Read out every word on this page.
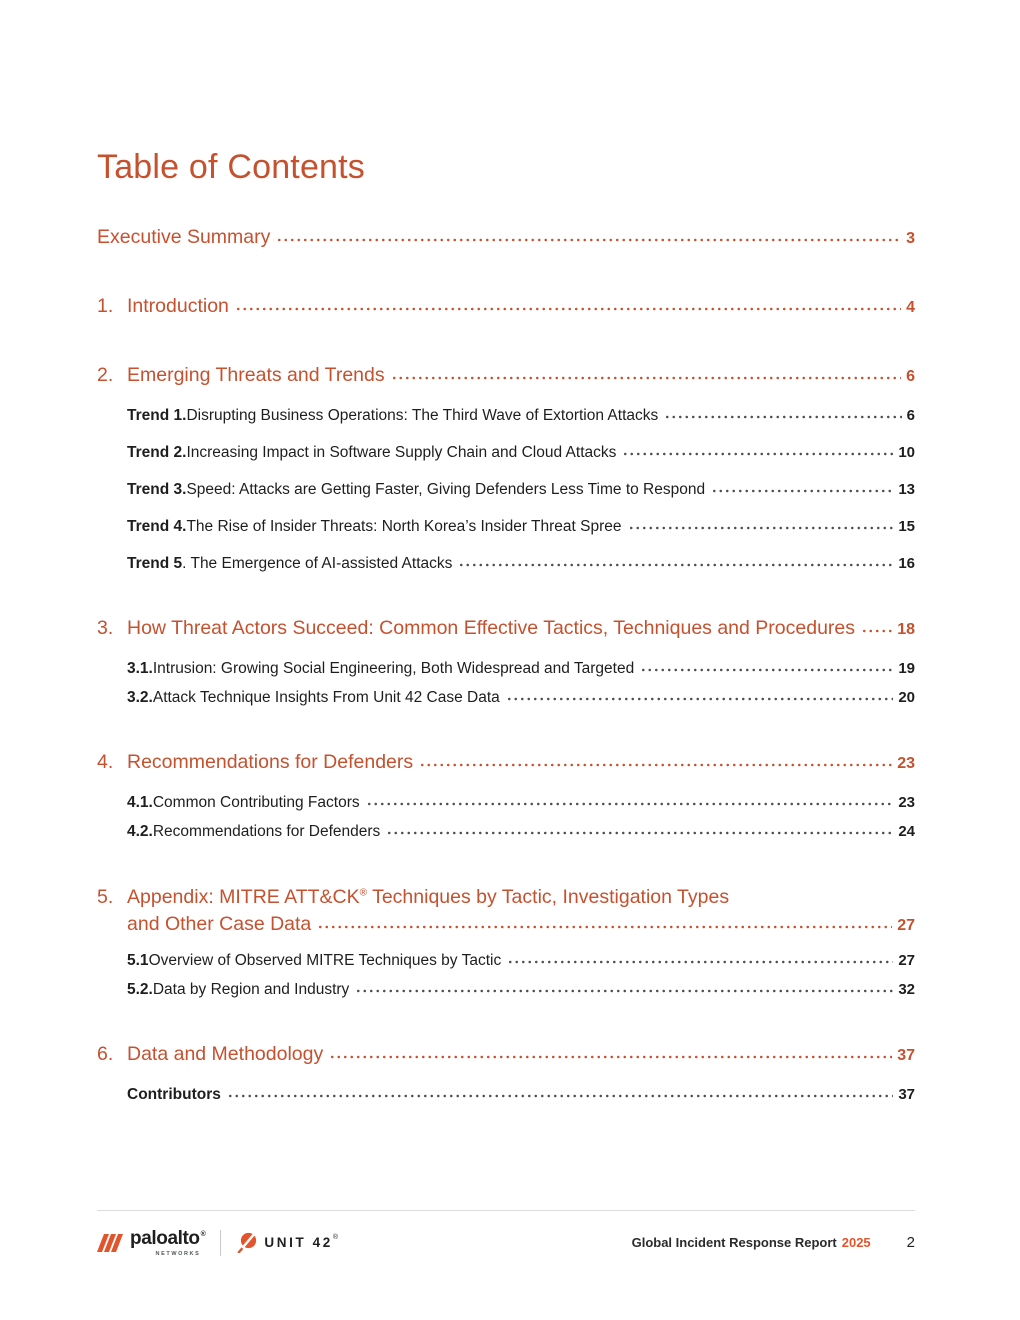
Table of Contents
Executive Summary	3
1. Introduction	4
2. Emerging Threats and Trends	6
Trend 1. Disrupting Business Operations: The Third Wave of Extortion Attacks	6
Trend 2. Increasing Impact in Software Supply Chain and Cloud Attacks	10
Trend 3. Speed: Attacks are Getting Faster, Giving Defenders Less Time to Respond	13
Trend 4. The Rise of Insider Threats: North Korea’s Insider Threat Spree	15
Trend 5 . The Emergence of AI-assisted Attacks	16
3. How Threat Actors Succeed: Common Effective Tactics, Techniques and Procedures	18
3.1. Intrusion: Growing Social Engineering, Both Widespread and Targeted	19
3.2. Attack Technique Insights From Unit 42 Case Data	20
4. Recommendations for Defenders	23
4.1. Common Contributing Factors	23
4.2. Recommendations for Defenders	24
5. Appendix: MITRE ATT&CK® Techniques by Tactic, Investigation Types
and Other Case Data	27
5.1 Overview of Observed MITRE Techniques by Tactic	27
5.2. Data by Region and Industry	32
6. Data and Methodology	37
Contributors	37
paloalto®
NETWORKS
UNIT 42 ®	Global Incident Response Report 2025 2
